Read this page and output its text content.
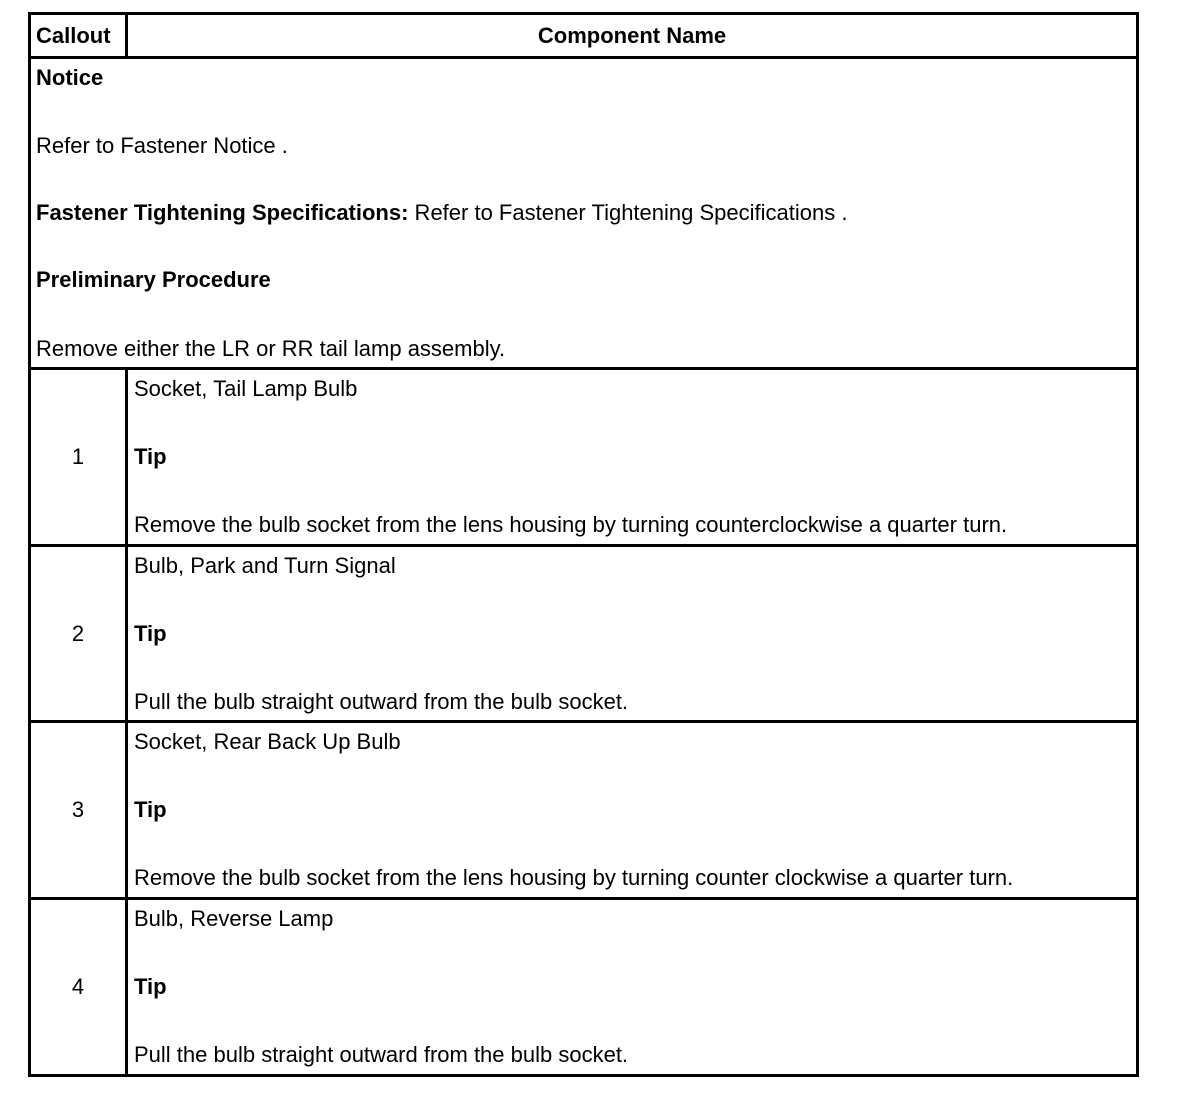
Callout	Component Name
Notice
Refer to Fastener Notice .
Fastener Tightening Specifications: Refer to Fastener Tightening Specifications .
Preliminary Procedure
Remove either the LR or RR tail lamp assembly.
1
Socket, Tail Lamp Bulb
Tip
Remove the bulb socket from the lens housing by turning counterclockwise a quarter turn.
2
Bulb, Park and Turn Signal
Tip
Pull the bulb straight outward from the bulb socket.
3
Socket, Rear Back Up Bulb
Tip
Remove the bulb socket from the lens housing by turning counter clockwise a quarter turn.
4
Bulb, Reverse Lamp
Tip
Pull the bulb straight outward from the bulb socket.
